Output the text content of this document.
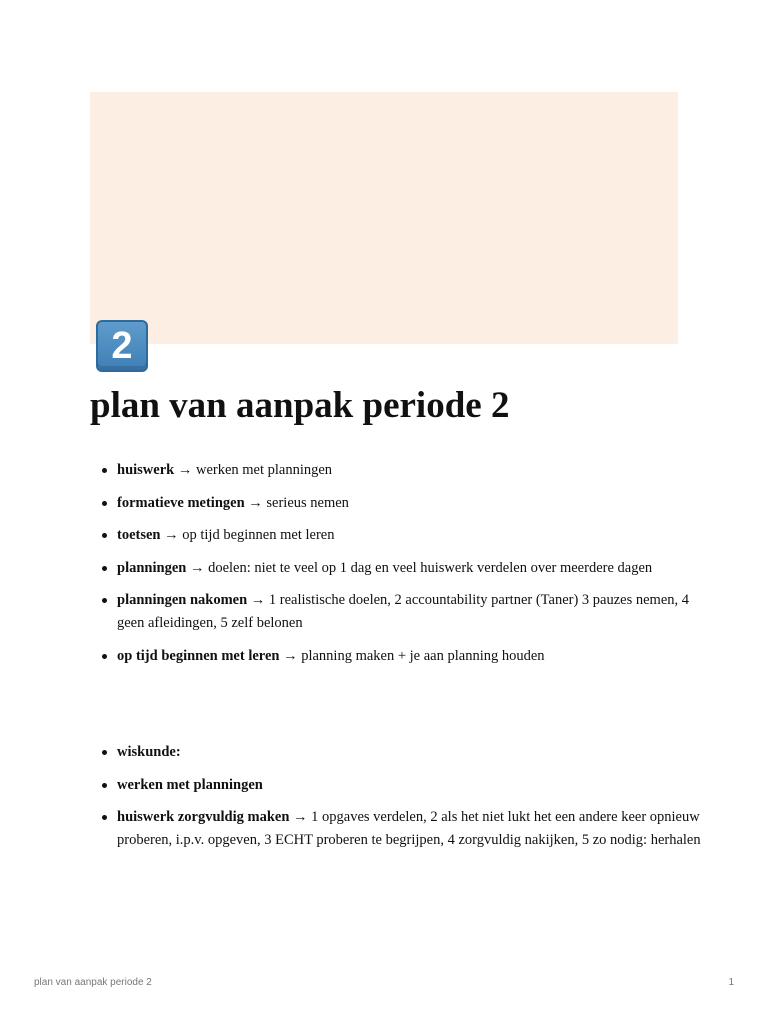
2
plan van aanpak periode 2
huiswerk → werken met planningen
formatieve metingen → serieus nemen
toetsen → op tijd beginnen met leren
planningen → doelen: niet te veel op 1 dag en veel huiswerk verdelen over meerdere dagen
planningen nakomen → 1 realistische doelen, 2 accountability partner (Taner) 3 pauzes nemen, 4 geen afleidingen, 5 zelf belonen
op tijd beginnen met leren → planning maken + je aan planning houden
wiskunde:
werken met planningen
huiswerk zorgvuldig maken → 1 opgaves verdelen, 2 als het niet lukt het een andere keer opnieuw proberen, i.p.v. opgeven, 3 ECHT proberen te begrijpen, 4 zorgvuldig nakijken, 5 zo nodig: herhalen
plan van aanpak periode 2	1
